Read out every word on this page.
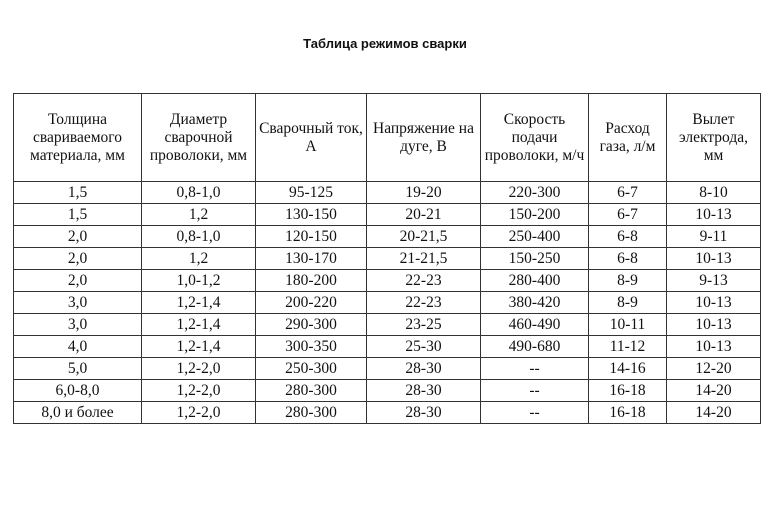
Таблица режимов сварки
Толщина свариваемого материала, мм	Диаметр сварочной проволоки, мм	Сварочный ток, А	Напряжение на дуге, В	Скорость подачи проволоки, м/ч	Расход газа, л/м	Вылет электрода, мм
1,5	0,8-1,0	95-125	19-20	220-300	6-7	8-10
1,5	1,2	130-150	20-21	150-200	6-7	10-13
2,0	0,8-1,0	120-150	20-21,5	250-400	6-8	9-11
2,0	1,2	130-170	21-21,5	150-250	6-8	10-13
2,0	1,0-1,2	180-200	22-23	280-400	8-9	9-13
3,0	1,2-1,4	200-220	22-23	380-420	8-9	10-13
3,0	1,2-1,4	290-300	23-25	460-490	10-11	10-13
4,0	1,2-1,4	300-350	25-30	490-680	11-12	10-13
5,0	1,2-2,0	250-300	28-30	--	14-16	12-20
6,0-8,0	1,2-2,0	280-300	28-30	--	16-18	14-20
8,0 и более	1,2-2,0	280-300	28-30	--	16-18	14-20
